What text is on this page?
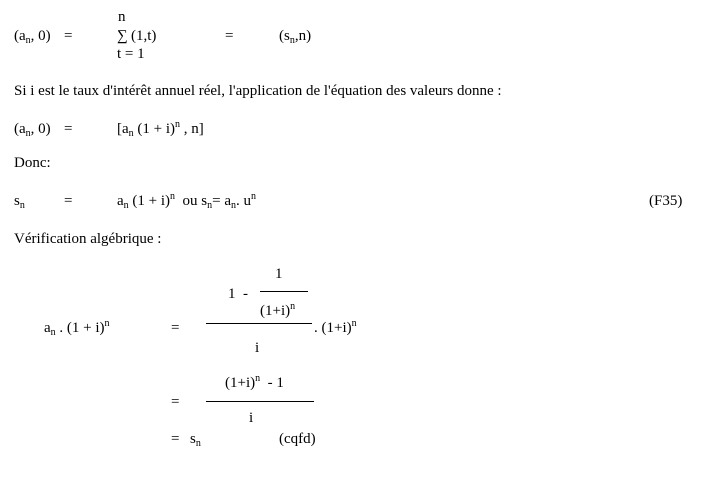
($a_n$, 0) =
n
∑ (1,t)
t = 1
=	$(s_n,n)$
Si i est le taux d'intérêt annuel réel, l'application de l'équation des valeurs donne :
($a_n$, 0) =	[$a_n$ $(1 + i)^n$ , n]
Donc:
$s_n$	=	$a_n$ $(1 + i)^n$  ou $s_n= a_n$. $u^n$	(F35)
Vérification algébrique :
1
1  -
$(1+i)^n$
$a_n$ . $(1 + i)^n$	=	. $(1+i)^n$
i
$(1+i)^n - 1$
=
i
= $s_n$	(cqfd)
